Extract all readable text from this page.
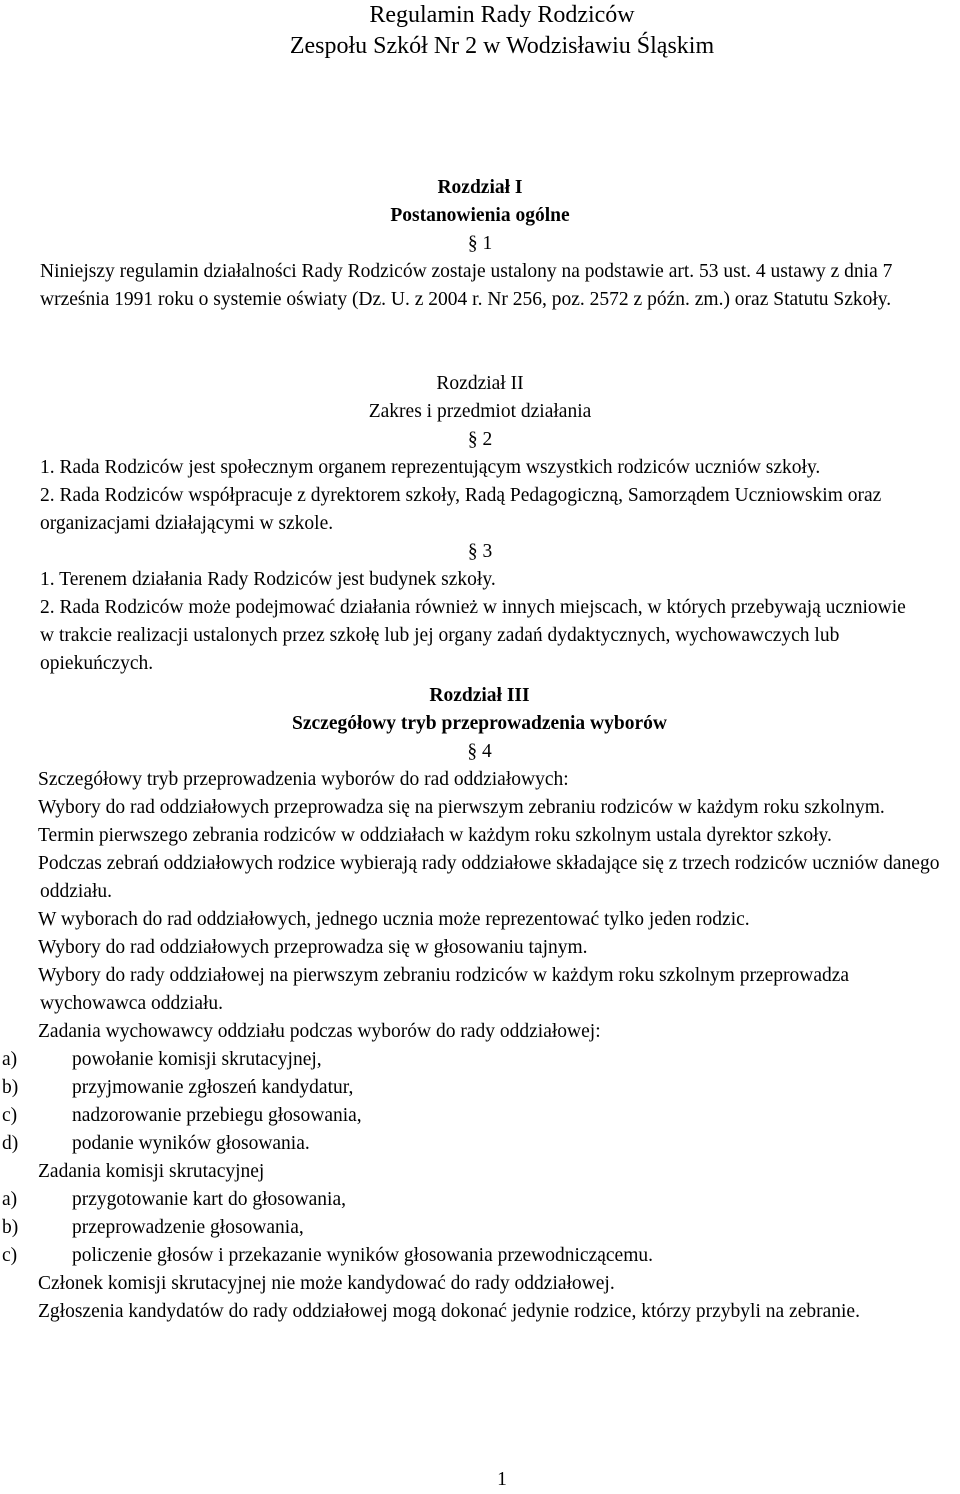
Regulamin Rady Rodziców
Zespołu Szkół Nr 2 w Wodzisławiu Śląskim
Rozdział I
Postanowienia ogólne
§ 1

Niniejszy regulamin działalności Rady Rodziców zostaje ustalony na podstawie art. 53 ust. 4 ustawy z dnia 7 września 1991 roku o systemie oświaty (Dz. U. z 2004 r. Nr 256, poz. 2572 z późn. zm.) oraz Statutu Szkoły.

Rozdział II
Zakres i przedmiot działania
§ 2

1. Rada Rodziców jest społecznym organem reprezentującym wszystkich rodziców uczniów szkoły.

2. Rada Rodziców współpracuje z dyrektorem szkoły, Radą Pedagogiczną, Samorządem Uczniowskim oraz organizacjami działającymi w szkole.

§ 3

1. Terenem działania Rady Rodziców jest budynek szkoły.

2. Rada Rodziców może podejmować działania również w innych miejscach, w których przebywają uczniowie w trakcie realizacji ustalonych przez szkołę lub jej organy zadań dydaktycznych, wychowawczych lub opiekuńczych.

Rozdział III
Szczegółowy tryb przeprowadzenia wyborów
§ 4

Szczegółowy tryb przeprowadzenia wyborów do rad oddziałowych:

Wybory do rad oddziałowych przeprowadza się na pierwszym zebraniu rodziców w każdym roku szkolnym.

Termin pierwszego zebrania rodziców w oddziałach w każdym roku szkolnym ustala dyrektor szkoły.

Podczas zebrań oddziałowych rodzice wybierają rady oddziałowe składające się z trzech rodziców uczniów danego oddziału.

W wyborach do rad oddziałowych, jednego ucznia może reprezentować tylko jeden rodzic.

Wybory do rad oddziałowych przeprowadza się w głosowaniu tajnym.

Wybory do rady oddziałowej na pierwszym zebraniu rodziców w każdym roku szkolnym przeprowadza wychowawca oddziału.

Zadania wychowawcy oddziału podczas wyborów do rady oddziałowej:

a)	powołanie komisji skrutacyjnej,

b)	przyjmowanie zgłoszeń kandydatur,

c)	nadzorowanie przebiegu głosowania,

d)	podanie wyników głosowania.

Zadania komisji skrutacyjnej

a)	przygotowanie kart do głosowania,

b)	przeprowadzenie głosowania,

c)	policzenie głosów i przekazanie wyników głosowania przewodniczącemu.

Członek komisji skrutacyjnej nie może kandydować do rady oddziałowej.

Zgłoszenia kandydatów do rady oddziałowej mogą dokonać jedynie rodzice, którzy przybyli na zebranie.

1
